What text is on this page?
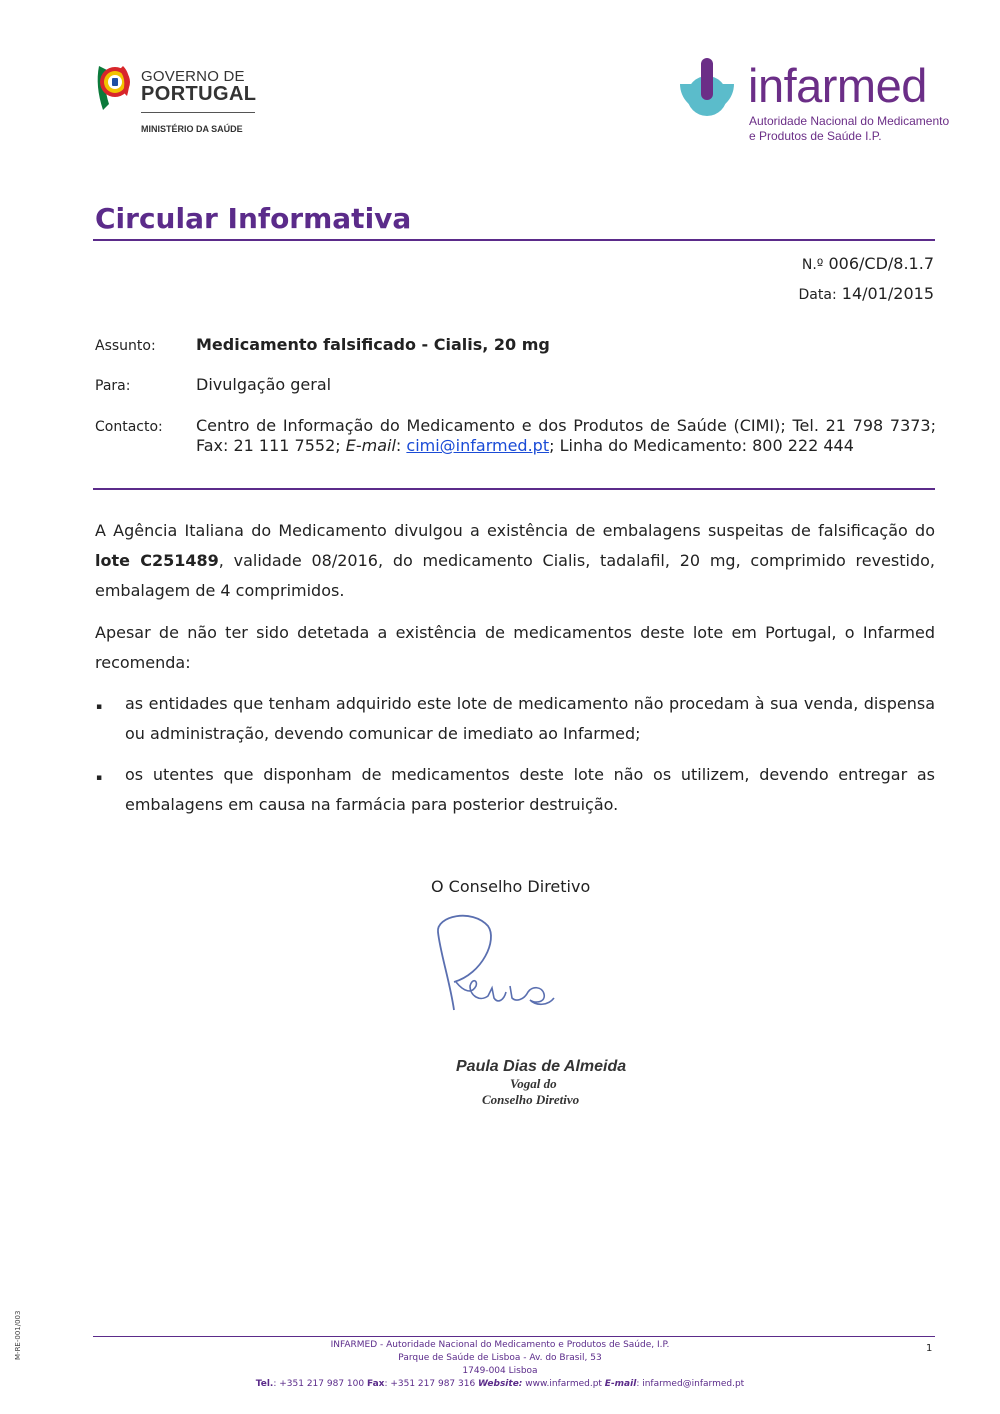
GOVERNO DE
PORTUGAL
MINISTÉRIO DA SAÚDE
infarmed
Autoridade Nacional do Medicamento
e Produtos de Saúde I.P.
Circular Informativa
N.º 006/CD/8.1.7
Data: 14/01/2015
Assunto:	Medicamento falsificado - Cialis, 20 mg
Para:	Divulgação geral
Contacto: Centro de Informação do Medicamento e dos Produtos de Saúde (CIMI); Tel. 21 798 7373; Fax: 21 111 7552; E-mail: cimi@infarmed.pt; Linha do Medicamento: 800 222 444
A Agência Italiana do Medicamento divulgou a existência de embalagens suspeitas de falsificação do lote C251489, validade 08/2016, do medicamento Cialis, tadalafil, 20 mg, comprimido revestido, embalagem de 4 comprimidos.
Apesar de não ter sido detetada a existência de medicamentos deste lote em Portugal, o Infarmed recomenda:
▪ as entidades que tenham adquirido este lote de medicamento não procedam à sua venda, dispensa ou administração, devendo comunicar de imediato ao Infarmed;
▪ os utentes que disponham de medicamentos deste lote não os utilizem, devendo entregar as embalagens em causa na farmácia para posterior destruição.
O Conselho Diretivo
Paula Dias de Almeida
Vogal do
Conselho Diretivo
INFARMED - Autoridade Nacional do Medicamento e Produtos de Saúde, I.P.
Parque de Saúde de Lisboa - Av. do Brasil, 53
1749-004 Lisboa
Tel.: +351 217 987 100 Fax: +351 217 987 316 Website: www.infarmed.pt E-mail: infarmed@infarmed.pt
1
M-RE-001/003
